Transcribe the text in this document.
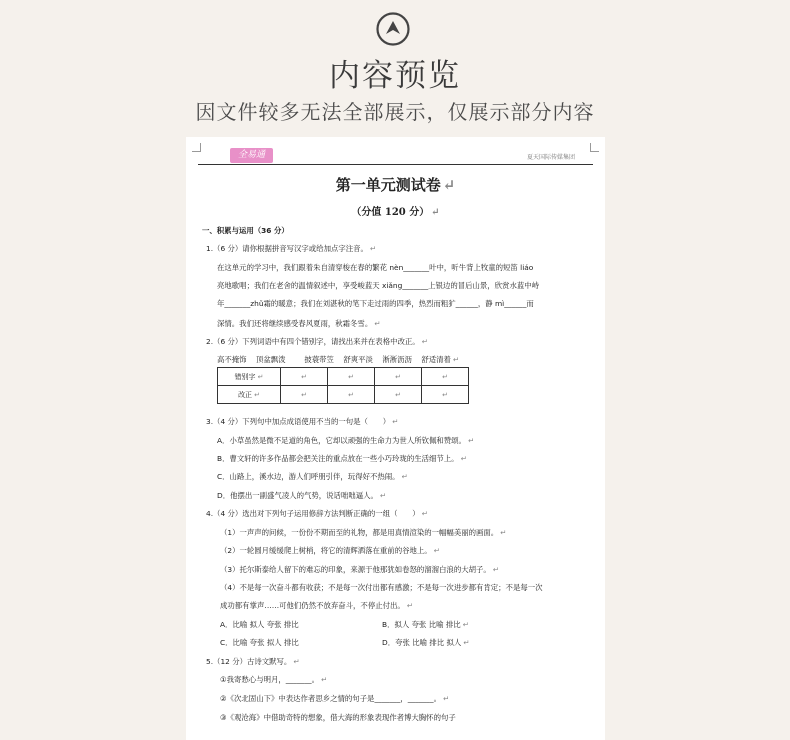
内容预览
因文件较多无法全部展示，仅展示部分内容
全易通	夏天国际传媒集团
第一单元测试卷 ↵
（分值 120 分） ↵
一、积累与运用（36 分）
1.（6 分）请你根据拼音写汉字或给加点字注音。 ↵
在这单元的学习中，我们跟着朱自清穿梭在春的繁花 nèn_______叶中，听牛背上牧童的短笛 liáo
亮地歌唱；我们在老舍的温情叙述中，享受峻蓝天 xiǎng_______上银边的冒后山景，欣赏水蓝中峙
年_______zhǔ霜的暖意；我们在刘湛秋的笔下走过雨的四季，热烈而粗犷______，静 mì______而
深情。我们还将继续感受春风夏雨，秋霜冬雪。 ↵
2.（6 分）下列词语中有四个错别字，请找出来并在表格中改正。 ↵
高不掩饰 顶盆飘泼	披蓑带笠 舒爽平淡 淅淅沥沥 舒适清着 ↵
错别字 ↵	↵	↵	↵	↵
改正 ↵	↵	↵	↵	↵
3.（4 分）下列句中加点成语使用不当的一句是（　　） ↵
A．小草虽然是微不足道的角色，它却以顽强的生命力为世人所钦佩和赞颂。 ↵
B．曹文轩的许多作品都会把关注的重点放在一些小巧玲珑的生活细节上。 ↵
C．山路上，溪水边，游人们呼朋引伴，玩得好不热闹。 ↵
D．他摆出一副盛气凌人的气势，说话咄咄逼人。 ↵
4.（4 分）选出对下列句子运用修辞方法判断正确的一组（　　） ↵
（1）一声声的问候，一份份不期而至的礼物，都是用真情渲染的一幅幅美丽的画面。 ↵
（2）一轮圆月缓缓爬上树梢，将它的清辉洒落在重前的谷地上。 ↵
（3）托尔斯泰给人留下的难忘的印象，来源于他那犹如卷怒的溜溜白浪的大胡子。 ↵
（4）不是每一次奋斗都有收获；不是每一次付出都有感激；不是每一次进步都有肯定；不是每一次
成功都有掌声……可他们仍然不放弃奋斗，不停止付出。 ↵
A．比喻 拟人 夸张 排比	B．拟人 夸张 比喻 排比 ↵
C．比喻 夸张 拟人 排比	D．夸张 比喻 排比 拟人 ↵
5.（12 分）古诗文默写。 ↵
①我寄愁心与明月，_______。 ↵
②《次北固山下》中表达作者思乡之情的句子是_______，_______。 ↵
③《观沧海》中借助奇特的想象，借大海的形象表现作者博大胸怀的句子
